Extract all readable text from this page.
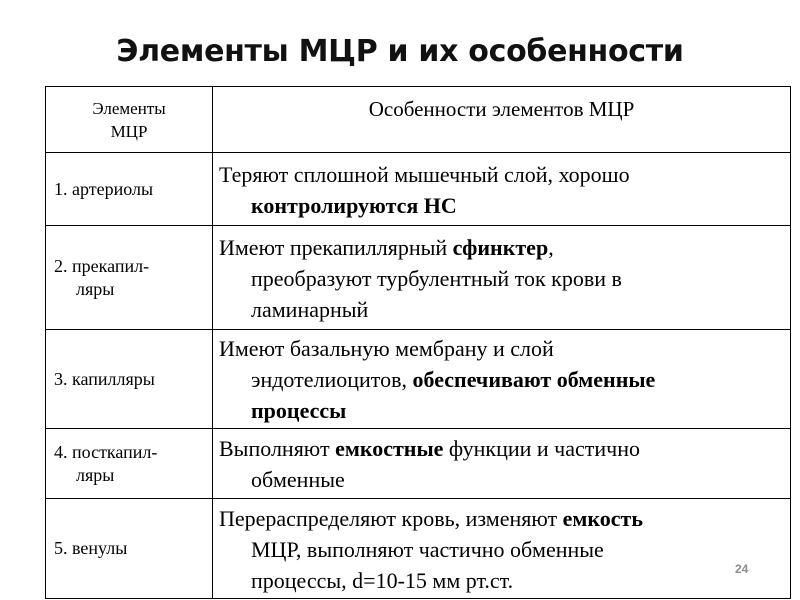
Элементы МЦР и их особенности
Элементы
МЦР	Особенности элементов МЦР
1. артериолы	Теряют сплошной мышечный слой, хорошо
контролируются НС

2. прекапил-
ляры	Имеют прекапиллярный сфинктер,
преобразуют турбулентный ток крови в
ламинарный

3. капилляры	Имеют базальную мембрану и слой
эндотелиоцитов, обеспечивают обменные
процессы

4. посткапил-
ляры	Выполняют емкостные функции и частично
обменные

5. венулы	Перераспределяют кровь, изменяют емкость
МЦР, выполняют частично обменные
процессы, d=10-15 мм рт.ст.	24
